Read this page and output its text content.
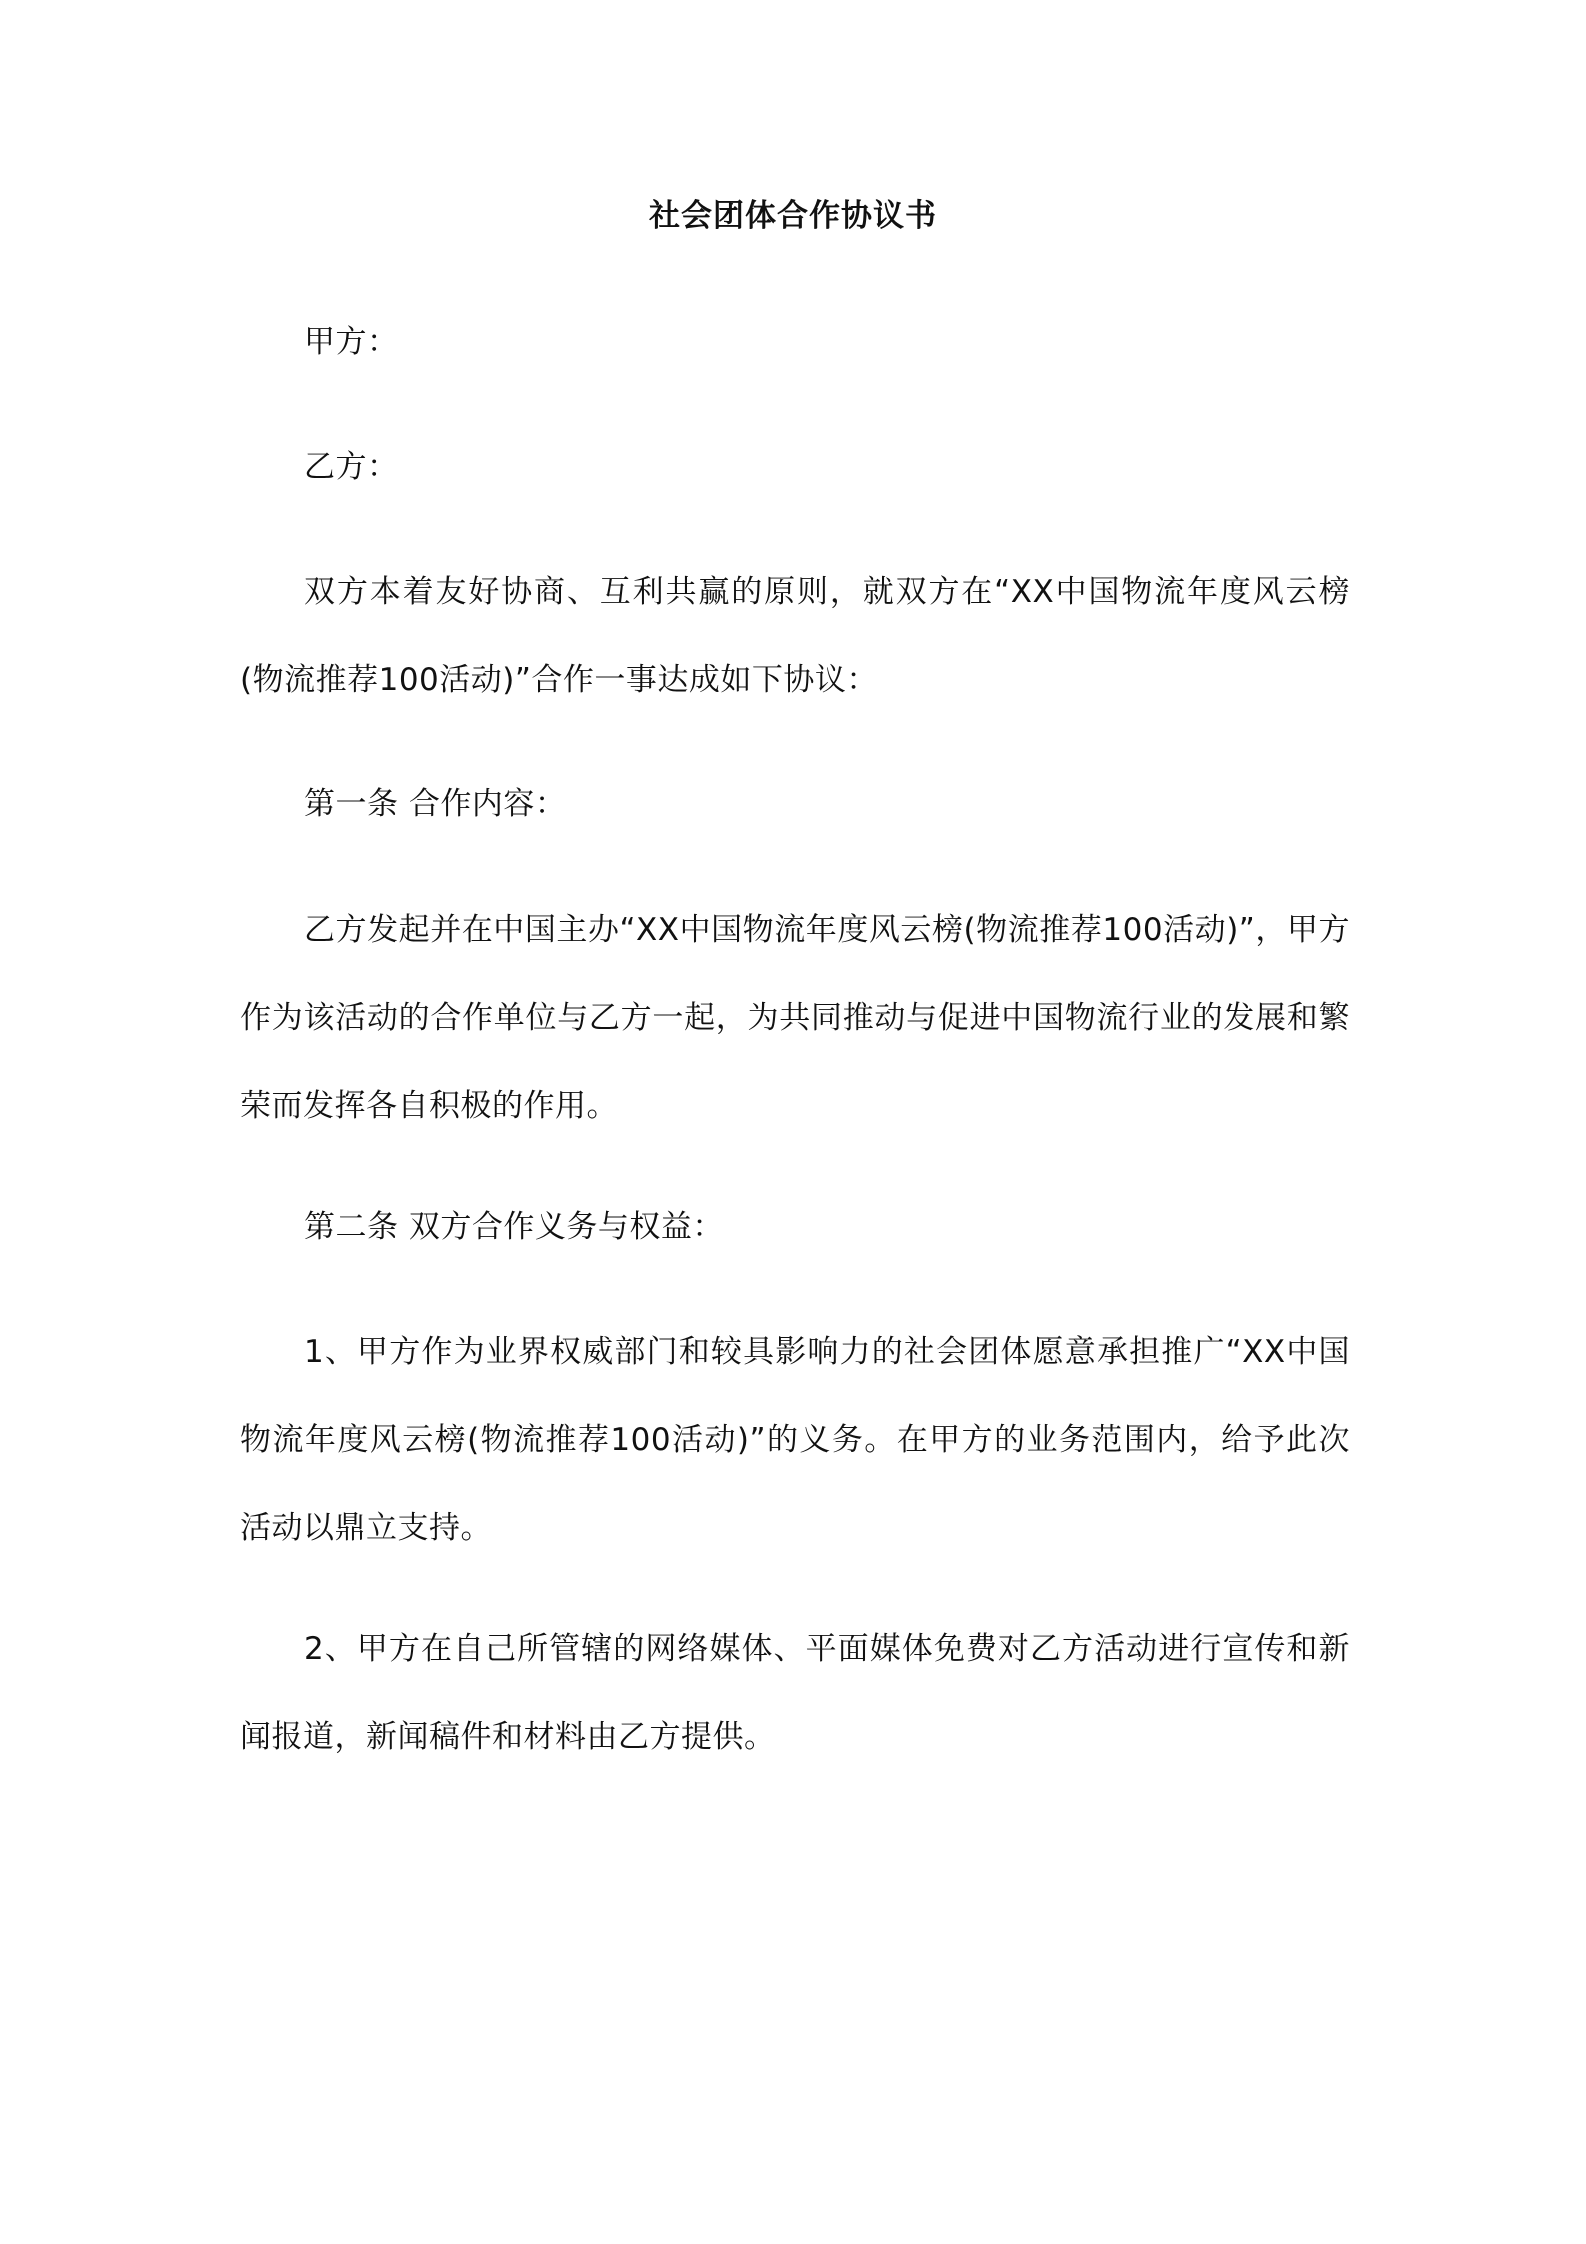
社会团体合作协议书

甲方：

乙方：

双方本着友好协商、互利共赢的原则，就双方在“XX中国物流年度风云榜(物流推荐100活动)”合作一事达成如下协议：

第一条 合作内容：

乙方发起并在中国主办“XX中国物流年度风云榜(物流推荐100活动)”，甲方作为该活动的合作单位与乙方一起，为共同推动与促进中国物流行业的发展和繁荣而发挥各自积极的作用。

第二条 双方合作义务与权益：

1、甲方作为业界权威部门和较具影响力的社会团体愿意承担推广“XX中国物流年度风云榜(物流推荐100活动)”的义务。在甲方的业务范围内，给予此次活动以鼎立支持。

2、甲方在自己所管辖的网络媒体、平面媒体免费对乙方活动进行宣传和新闻报道，新闻稿件和材料由乙方提供。
